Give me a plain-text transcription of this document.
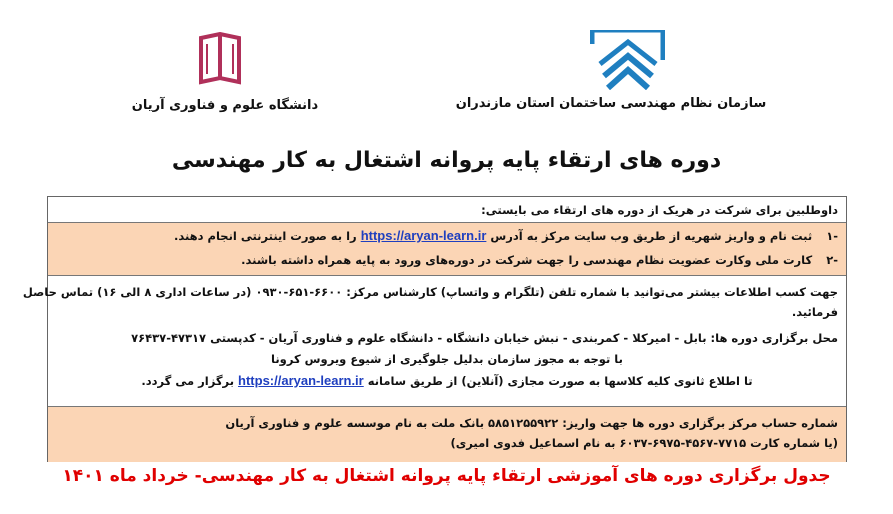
سازمان نظام مهندسی ساختمان استان مازندران
دانشگاه علوم و فناوری آریان
دوره های ارتقاء پایه پروانه اشتغال به کار مهندسی
داوطلبین برای شرکت در هریک از دوره های ارتقاء می بایستی:
-۱ ثبت نام و واریز شهریه از طریق وب سایت مرکز به آدرس https://aryan-learn.ir را به صورت اینترنتی انجام دهند.
-۲ کارت ملی وکارت عضویت نظام مهندسی را جهت شرکت در دوره‌های ورود به پایه همراه داشته باشند.

جهت کسب اطلاعات بیشتر می‌توانید با شماره تلفن (تلگرام و واتساپ) کارشناس مرکز: ۶۶۰۰-۶۵۱-۰۹۳۰ (در ساعات اداری ۸ الی ۱۶) تماس حاصل

فرمائید.

محل برگزاری دوره ها: بابل - امیرکلا - کمربندی - نبش خیابان دانشگاه - دانشگاه علوم و فناوری آریان - کدپستی ۴۷۳۱۷-۷۶۴۳۷

با توجه به مجوز سازمان بدلیل جلوگیری از شیوع ویروس کرونا

تا اطلاع ثانوی کلیه کلاسها به صورت مجازی (آنلاین) از طریق سامانه https://aryan-learn.ir برگزار می گردد.

شماره حساب مرکز برگزاری دوره ها جهت واریز: ۵۸۵۱۲۵۵۹۲۲ بانک ملت به نام موسسه علوم و فناوری آریان

(یا شماره کارت ۷۷۱۵-۴۵۶۷-۶۹۷۵-۶۰۳۷ به نام اسماعیل فدوی امیری)

جدول برگزاری دوره های آموزشی ارتقاء پایه پروانه اشتغال به کار مهندسی- خرداد ماه ۱۴۰۱
